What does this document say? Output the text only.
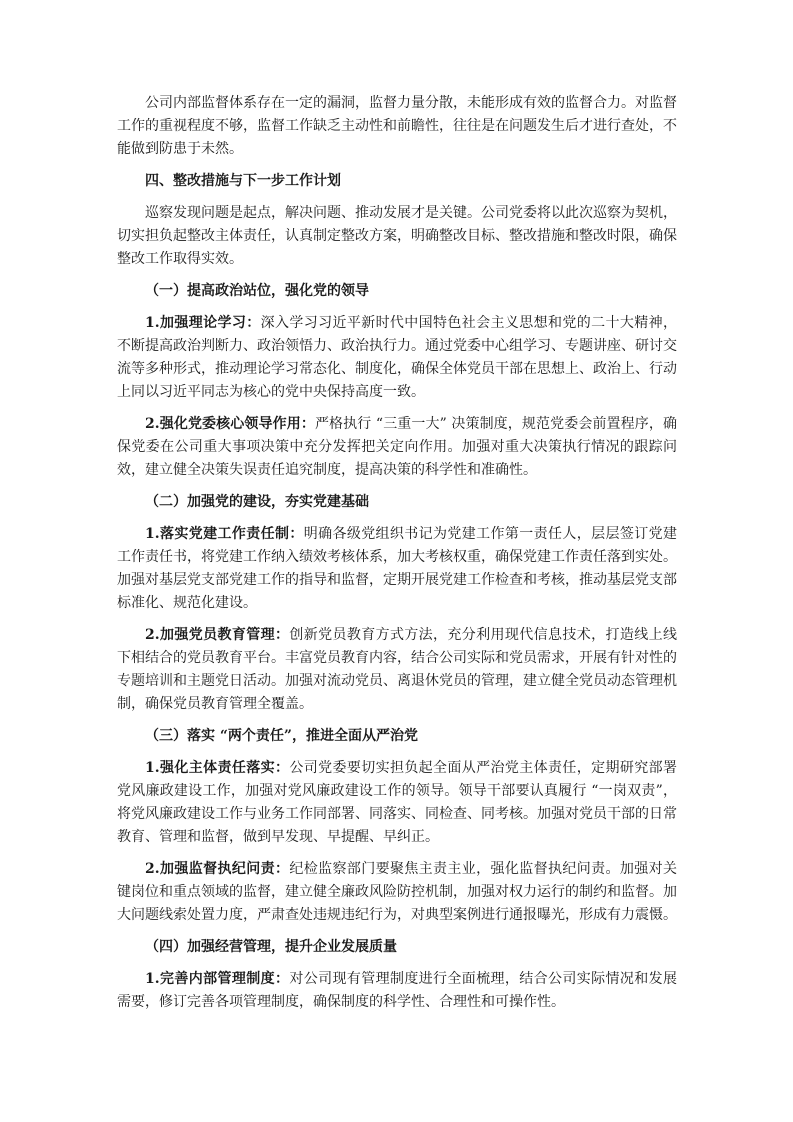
公司内部监督体系存在一定的漏洞，监督力量分散，未能形成有效的监督合力。对监督工作的重视程度不够，监督工作缺乏主动性和前瞻性，往往是在问题发生后才进行查处，不能做到防患于未然。

四、整改措施与下一步工作计划

巡察发现问题是起点，解决问题、推动发展才是关键。公司党委将以此次巡察为契机，切实担负起整改主体责任，认真制定整改方案，明确整改目标、整改措施和整改时限，确保整改工作取得实效。

（一）提高政治站位，强化党的领导

1.加强理论学习：深入学习习近平新时代中国特色社会主义思想和党的二十大精神，不断提高政治判断力、政治领悟力、政治执行力。通过党委中心组学习、专题讲座、研讨交流等多种形式，推动理论学习常态化、制度化，确保全体党员干部在思想上、政治上、行动上同以习近平同志为核心的党中央保持高度一致。

2.强化党委核心领导作用：严格执行 “三重一大” 决策制度，规范党委会前置程序，确保党委在公司重大事项决策中充分发挥把关定向作用。加强对重大决策执行情况的跟踪问效，建立健全决策失误责任追究制度，提高决策的科学性和准确性。

（二）加强党的建设，夯实党建基础

1.落实党建工作责任制：明确各级党组织书记为党建工作第一责任人，层层签订党建工作责任书，将党建工作纳入绩效考核体系，加大考核权重，确保党建工作责任落到实处。加强对基层党支部党建工作的指导和监督，定期开展党建工作检查和考核，推动基层党支部标准化、规范化建设。

2.加强党员教育管理：创新党员教育方式方法，充分利用现代信息技术，打造线上线下相结合的党员教育平台。丰富党员教育内容，结合公司实际和党员需求，开展有针对性的专题培训和主题党日活动。加强对流动党员、离退休党员的管理，建立健全党员动态管理机制，确保党员教育管理全覆盖。

（三）落实 “两个责任”，推进全面从严治党

1.强化主体责任落实：公司党委要切实担负起全面从严治党主体责任，定期研究部署党风廉政建设工作，加强对党风廉政建设工作的领导。领导干部要认真履行 “一岗双责”，将党风廉政建设工作与业务工作同部署、同落实、同检查、同考核。加强对党员干部的日常教育、管理和监督，做到早发现、早提醒、早纠正。

2.加强监督执纪问责：纪检监察部门要聚焦主责主业，强化监督执纪问责。加强对关键岗位和重点领域的监督，建立健全廉政风险防控机制，加强对权力运行的制约和监督。加大问题线索处置力度，严肃查处违规违纪行为，对典型案例进行通报曝光，形成有力震慑。

（四）加强经营管理，提升企业发展质量

1.完善内部管理制度：对公司现有管理制度进行全面梳理，结合公司实际情况和发展需要，修订完善各项管理制度，确保制度的科学性、合理性和可操作性。
